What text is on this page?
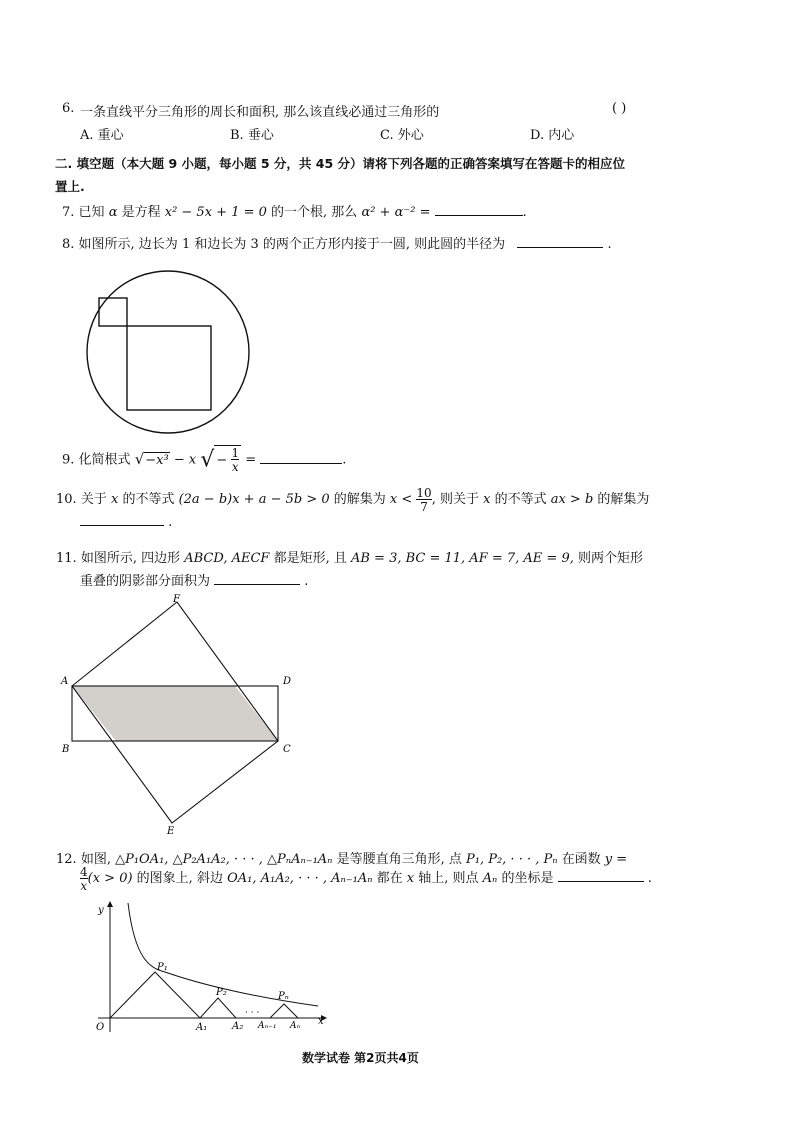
6. 一条直线平分三角形的周长和面积, 那么该直线必通过三角形的	( )
A. 重心	B. 垂心	C. 外心	D. 内心
二. 填空题（本大题 9 小题，每小题 5 分，共 45 分）请将下列各题的正确答案填写在答题卡的相应位
置上.
7. 已知 α 是方程 x² − 5x + 1 = 0 的一个根, 那么 α² + α⁻² =	.
8. 如图所示, 边长为 1 和边长为 3 的两个正方形内接于一圆, 则此圆的半径为	.
9. 化简根式 √−x³ − x √ − $\frac{1}{x}$ =	.
10. 关于 x 的不等式 (2a − b)x + a − 5b > 0 的解集为 $x < \frac{10}{7}$ , 则关于 x 的不等式 ax > b 的解集为
.
11. 如图所示, 四边形 ABCD, AECF 都是矩形, 且 AB = 3, BC = 11, AF = 7, AE = 9, 则两个矩形
重叠的阴影部分面积为	.
A
B	C
D
E
F
12. 如图, △P₁OA₁, △P₂A₁A₂, · · · , △PₙAₙ₋₁Aₙ 是等腰直角三角形, 点 P₁, P₂, · · · , Pₙ 在函数 y =
$\frac{4}{x} (x > 0)$ 的图象上, 斜边 OA₁, A₁A₂, · · · , Aₙ₋₁Aₙ 都在 x 轴上, 则点 Aₙ 的坐标是	.
y
x
O
P₁
P₂	Pₙ
A₁ A₂
· · ·
Aₙ₋₁ Aₙ
数学试卷 第2页共4页
